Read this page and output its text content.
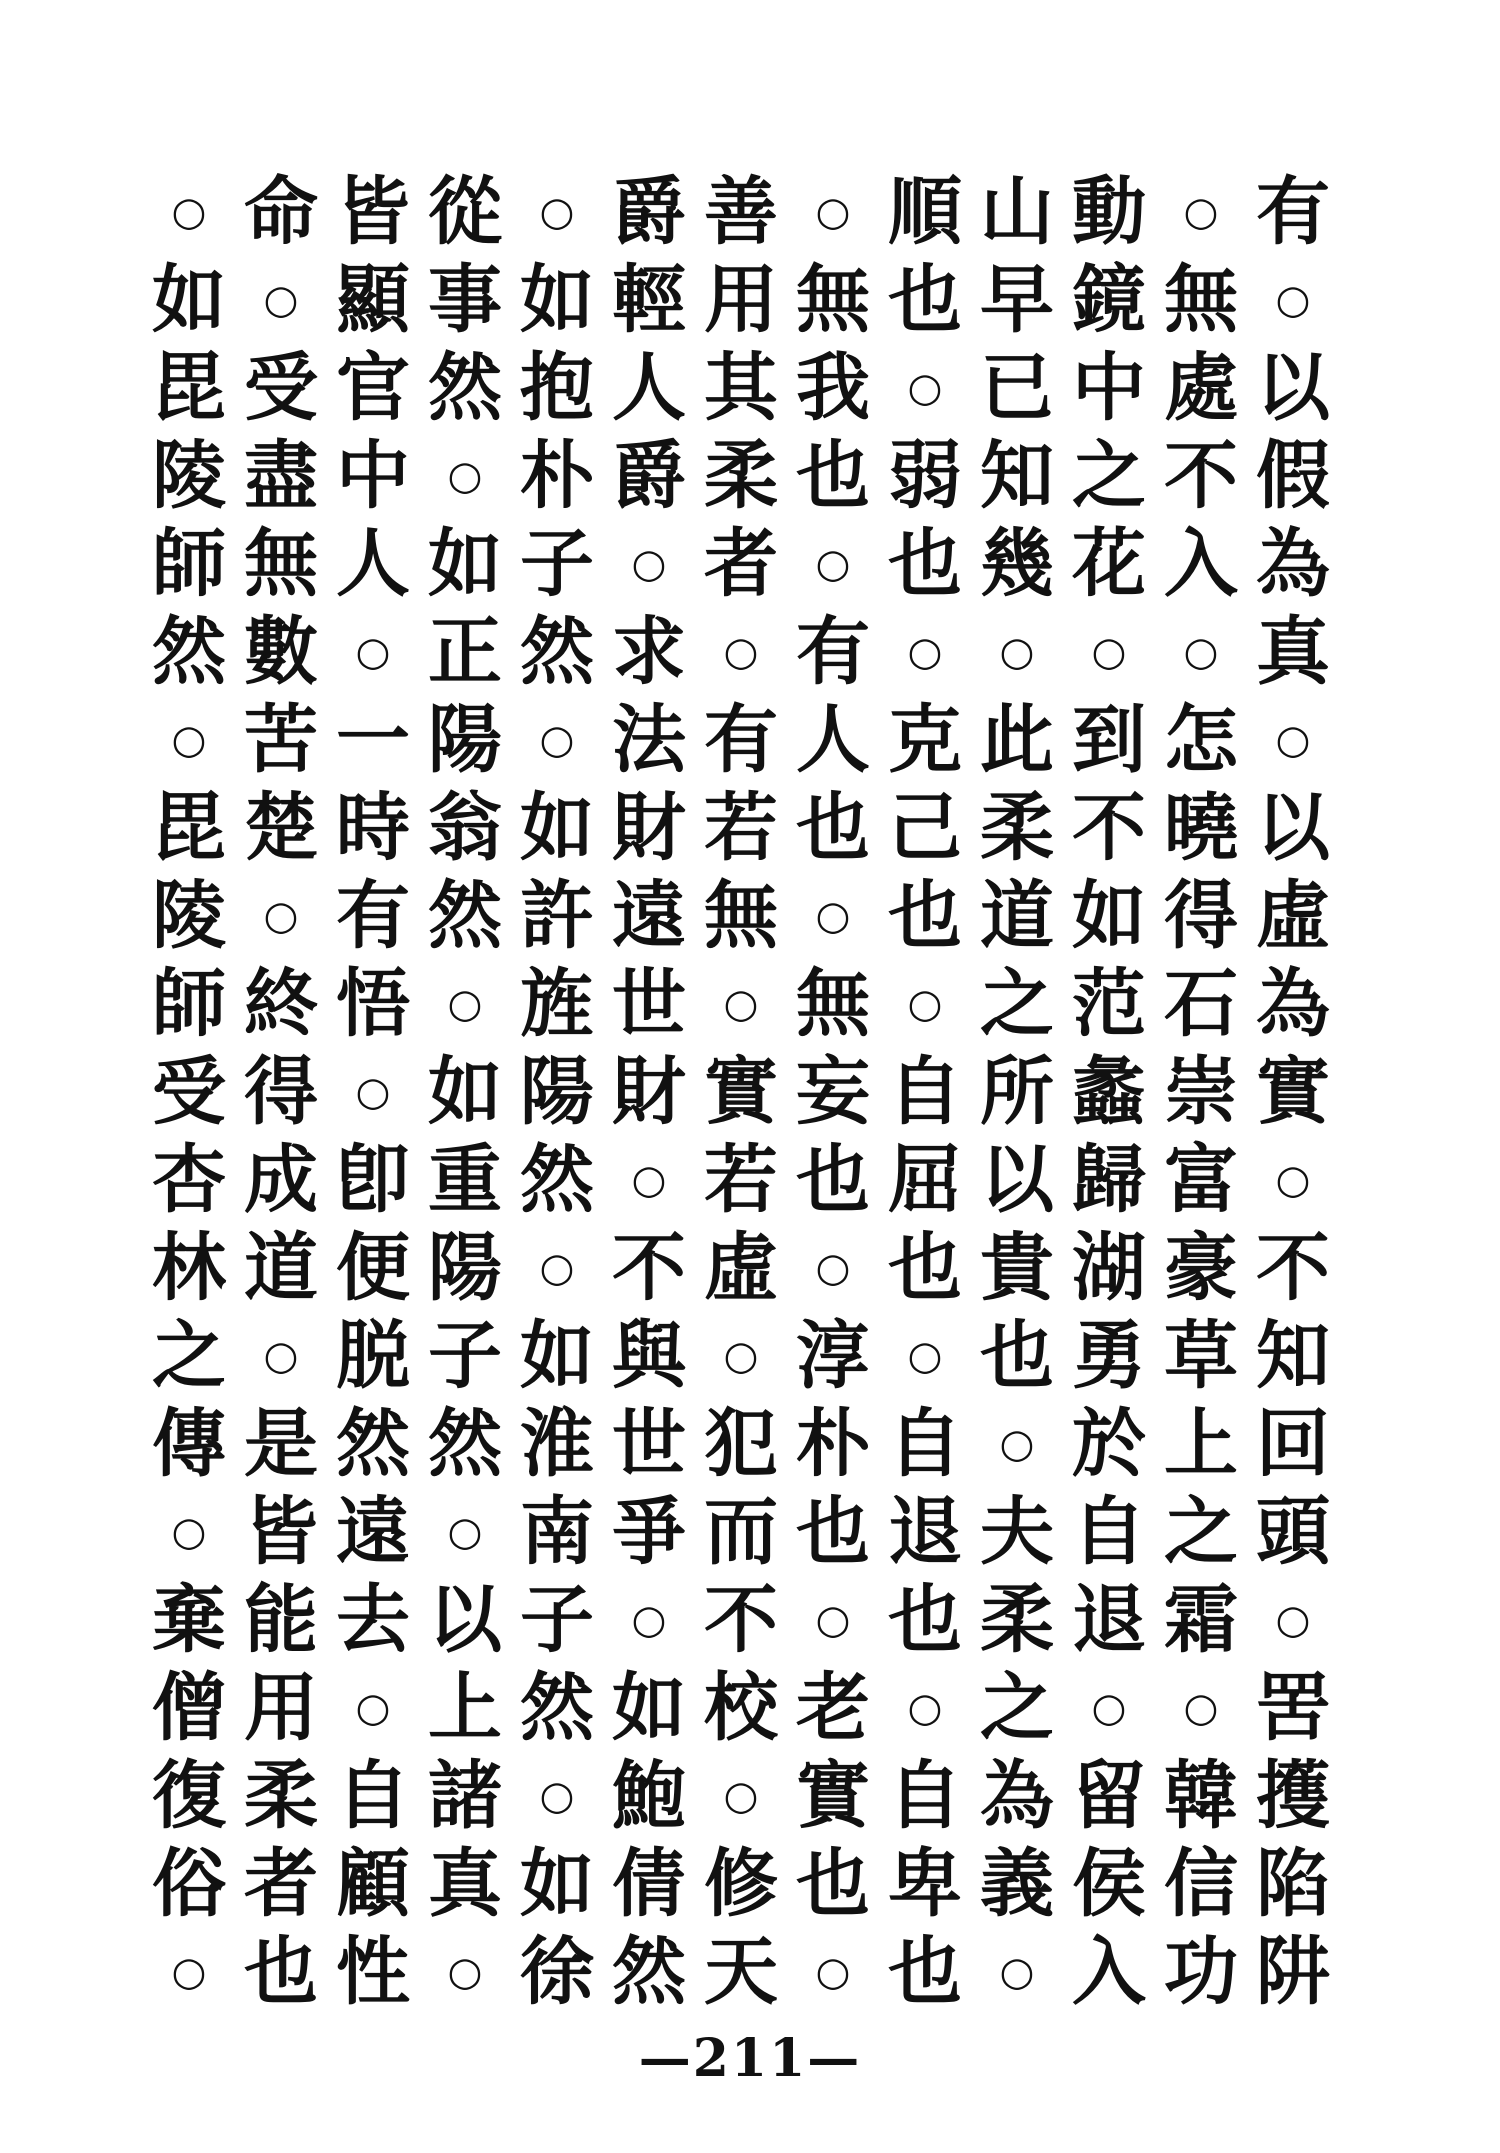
○ 命 皆 從 ○ 爵 善 ○ 順 山 動 ○ 有
如 ○ 顯 事 如 輕 用 無 也 早 鏡 無 ○
毘 受 官 然 抱 人 其 我 ○ 已 中 處 以
陵 盡 中 ○ 朴 爵 柔 也 弱 知 之 不 假
師 無 人 如 子 ○ 者 ○ 也 幾 花 入 為
然 數 ○ 正 然 求 ○ 有 ○	○	○	○ 真
○ 苦 一 陽 ○ 法 有 人 克 此 到 怎 ○
毘 楚 時 翁 如 財 若 也 己 柔 不 曉 以
陵 ○ 有 然 許 遠 無 ○ 也 道 如 得 虛
師 終 悟 ○ 旌 世 ○ 無 ○ 之 范 石 為
受 得 ○ 如 陽 財 實 妄 自 所 蠡 崇 實
杏 成 卽 重 然 ○ 若 也 屈 以 歸 富 ○
林 道 便 陽 ○ 不 虛 ○ 也 貴 湖 豪 不
之 ○ 脱 子 如 與 ○ 淳 ○ 也 勇 草 知
傳 是 然 然 淮 世 犯 朴 自 ○ 於 上 回
○ 皆 遠 ○ 南 爭 而 也 退 夫 自 之 頭
棄 能 去 以 子 ○ 不 ○ 也 柔 退 霜 ○
僧 用 ○ 上 然 如 校 老 ○ 之 ○	○ 罟
復 柔 自 諸 ○ 鮑 ○ 實 自 為 留 韓 擭
俗 者 顧 真 如 倩 修 也 卑 義 侯 信 陷
○ 也 性 ○ 徐 然 天 ○ 也 ○ 入 功 阱
—211—
